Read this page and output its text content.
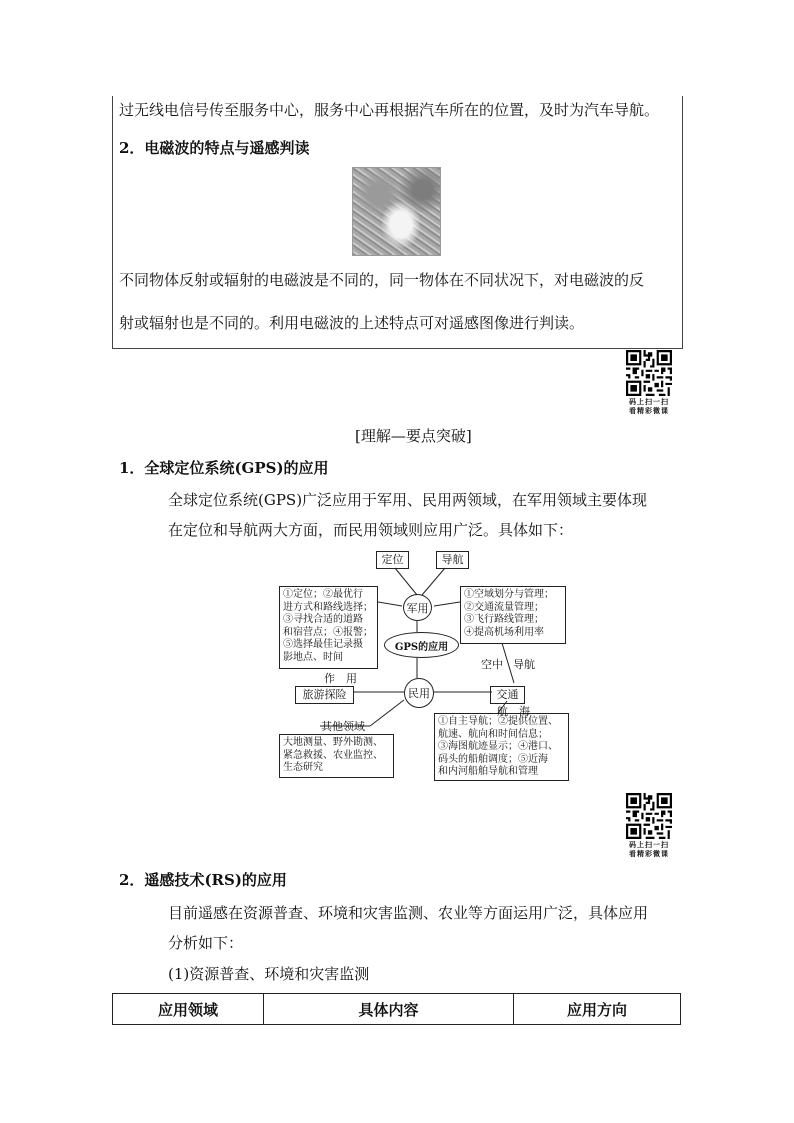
过无线电信号传至服务中心，服务中心再根据汽车所在的位置，及时为汽车导航。
2．电磁波的特点与遥感判读
不同物体反射或辐射的电磁波是不同的，同一物体在不同状况下，对电磁波的反
射或辐射也是不同的。利用电磁波的上述特点可对遥感图像进行判读。
码上扫一扫
看精彩微课
[理解—要点突破]
1．全球定位系统(GPS)的应用
全球定位系统(GPS)广泛应用于军用、民用两领域，在军用领域主要体现
在定位和导航两大方面，而民用领域则应用广泛。具体如下：
定位	导航
军用
GPS的应用
民用
①定位；②最优行
进方式和路线选择；
③寻找合适的道路
和宿营点；④报警；
⑤选择最佳记录摄
影地点、时间
①空域划分与管理；
②交通流量管理；
③飞行路线管理；
④提高机场利用率
空中 导航
作　用
旅游探险	交通
航　海
其他领域
大地测量、野外勘测、
紧急救援、农业监控、
生态研究
①自主导航；②提供位置、
航速、航向和时间信息；
③海图航迹显示；④港口、
码头的船舶调度；⑤近海
和内河船舶导航和管理
码上扫一扫
看精彩微课
2．遥感技术(RS)的应用
目前遥感在资源普查、环境和灾害监测、农业等方面运用广泛，具体应用
分析如下：
(1)资源普查、环境和灾害监测
应用领域	具体内容	应用方向
